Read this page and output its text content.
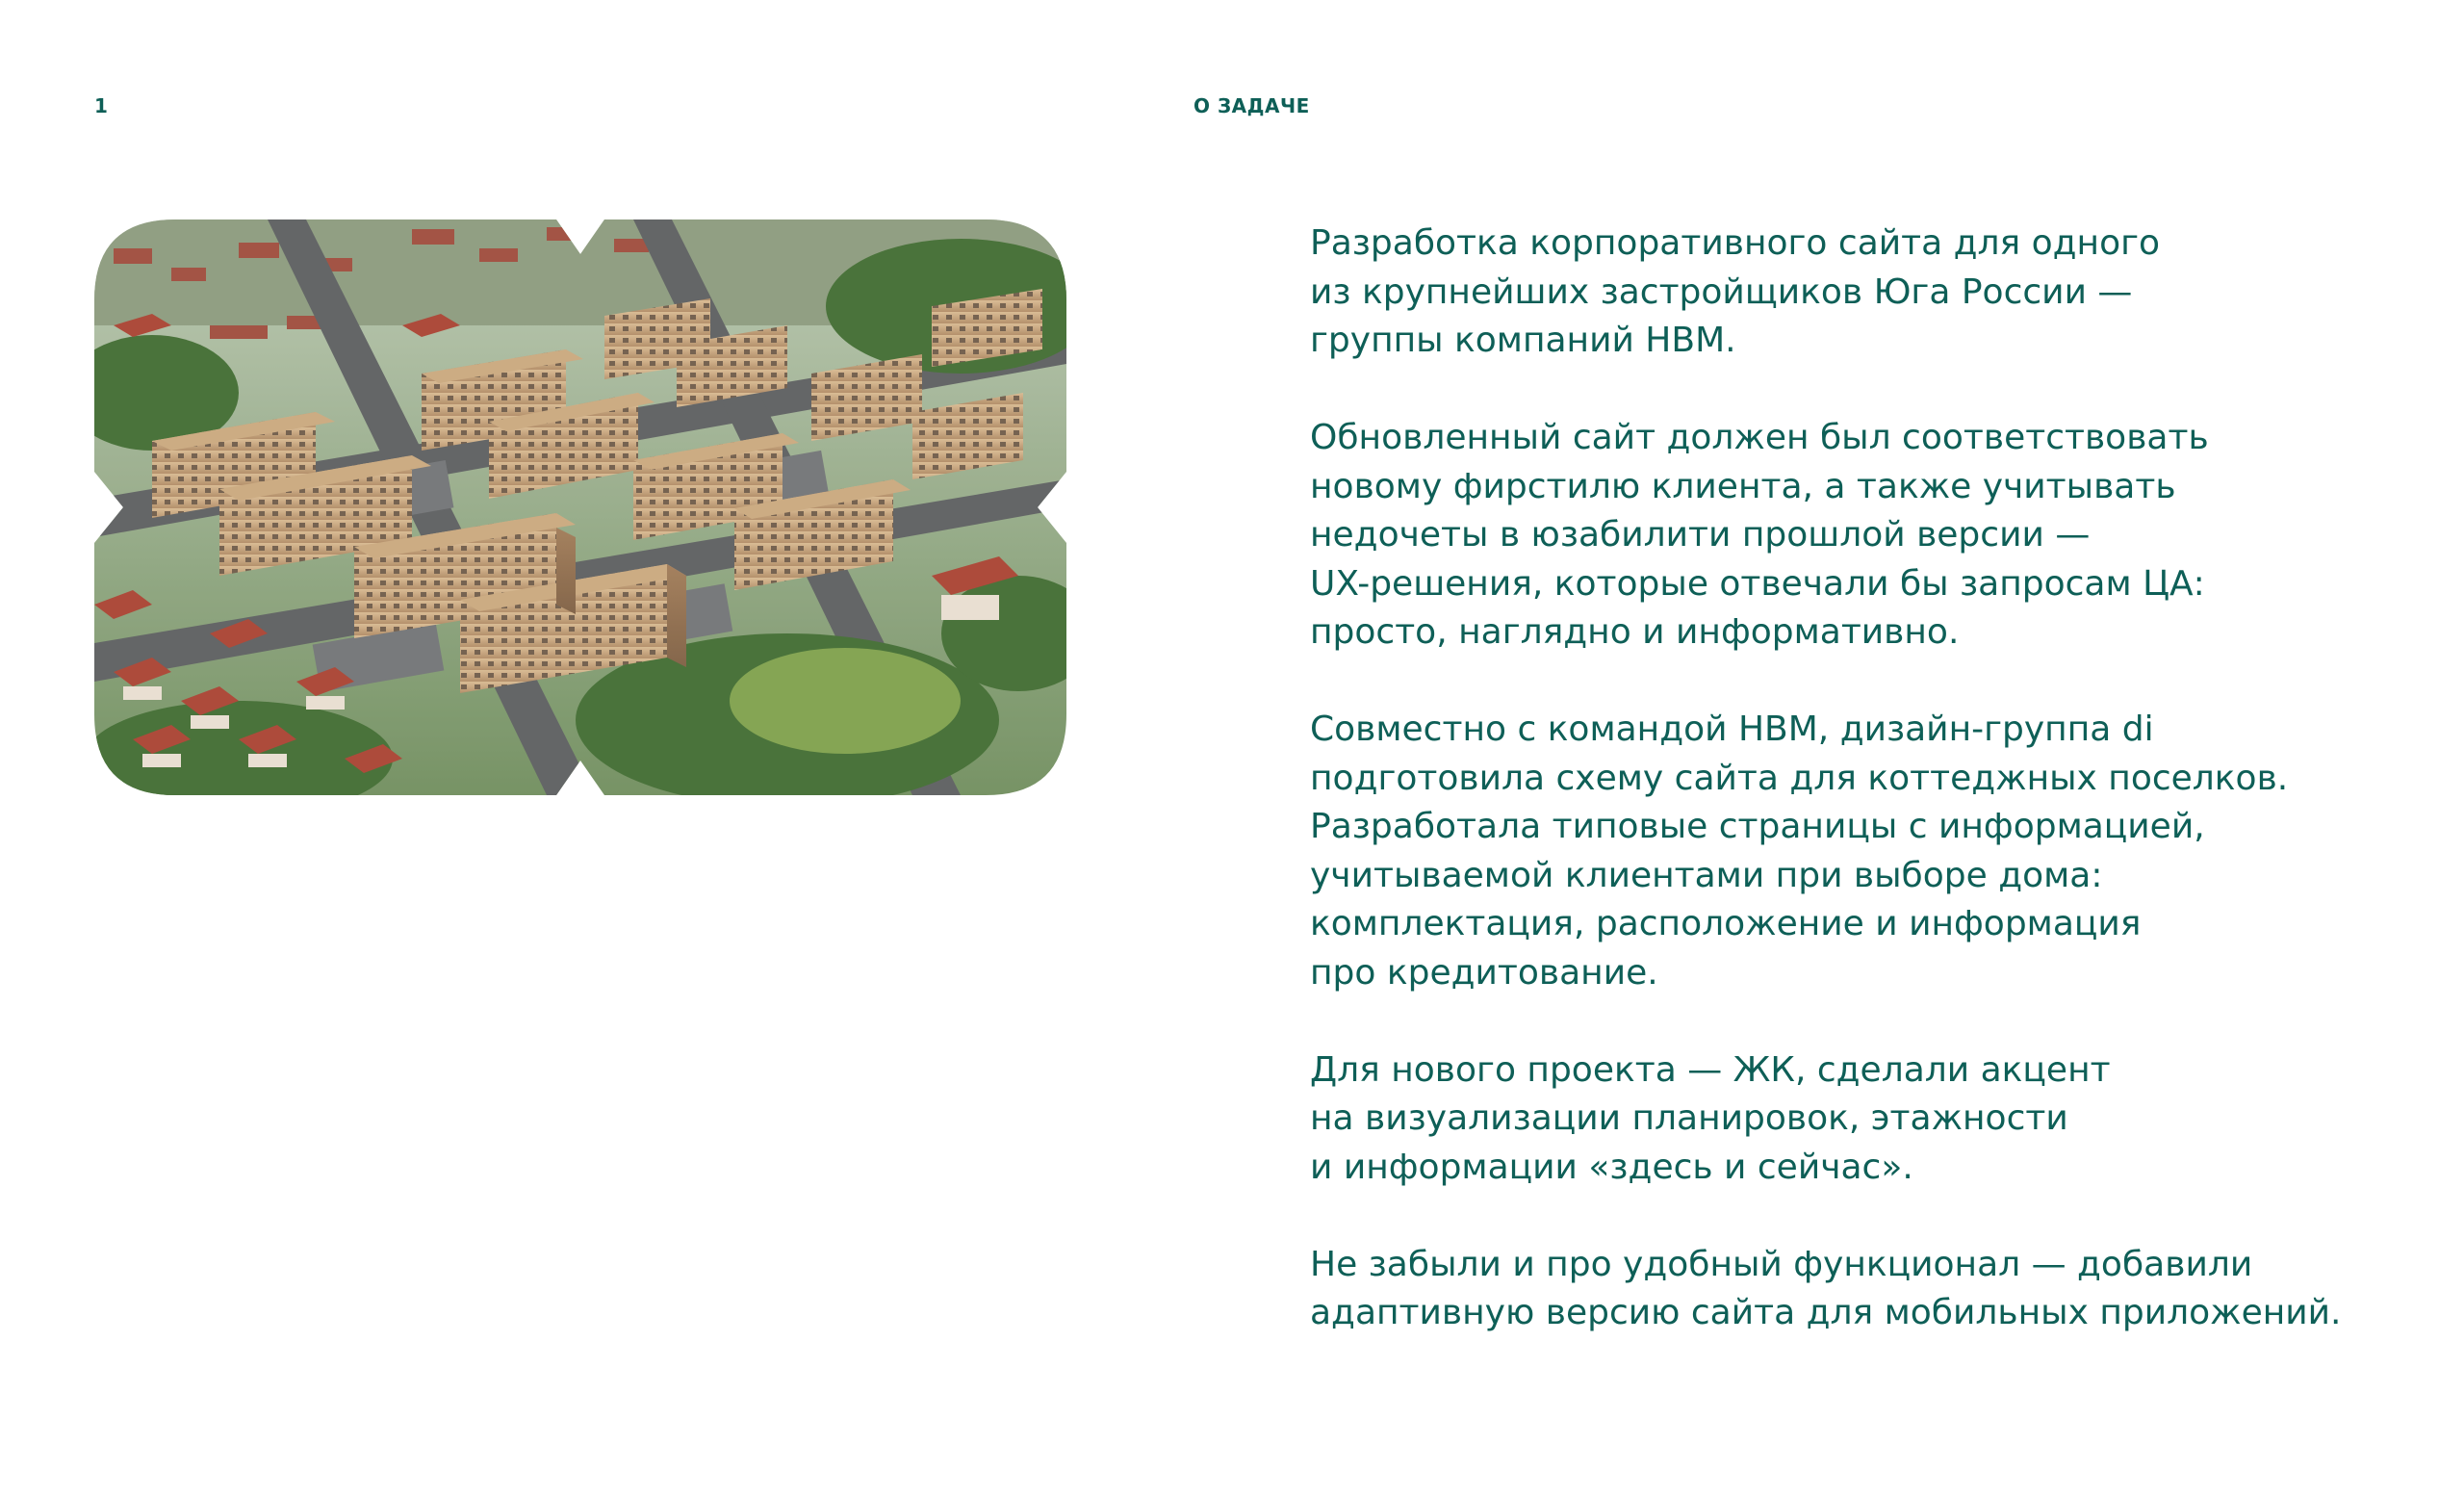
1	О ЗАДАЧЕ

Разработка корпоративного сайта для одного
из крупнейших застройщиков Юга России —
группы компаний НВМ.

Обновленный сайт должен был соответствовать
новому фирстилю клиента, а также учитывать
недочеты в юзабилити прошлой версии —
UX-решения, которые отвечали бы запросам ЦА:
просто, наглядно и информативно.

Совместно с командой НВМ, дизайн-группа di
подготовила схему сайта для коттеджных поселков.
Разработала типовые страницы с информацией,
учитываемой клиентами при выборе дома:
комплектация, расположение и информация
про кредитование.

Для нового проекта — ЖК, сделали акцент
на визуализации планировок, этажности
и информации «здесь и сейчас».

Не забыли и про удобный функционал — добавили
адаптивную версию сайта для мобильных приложений.
